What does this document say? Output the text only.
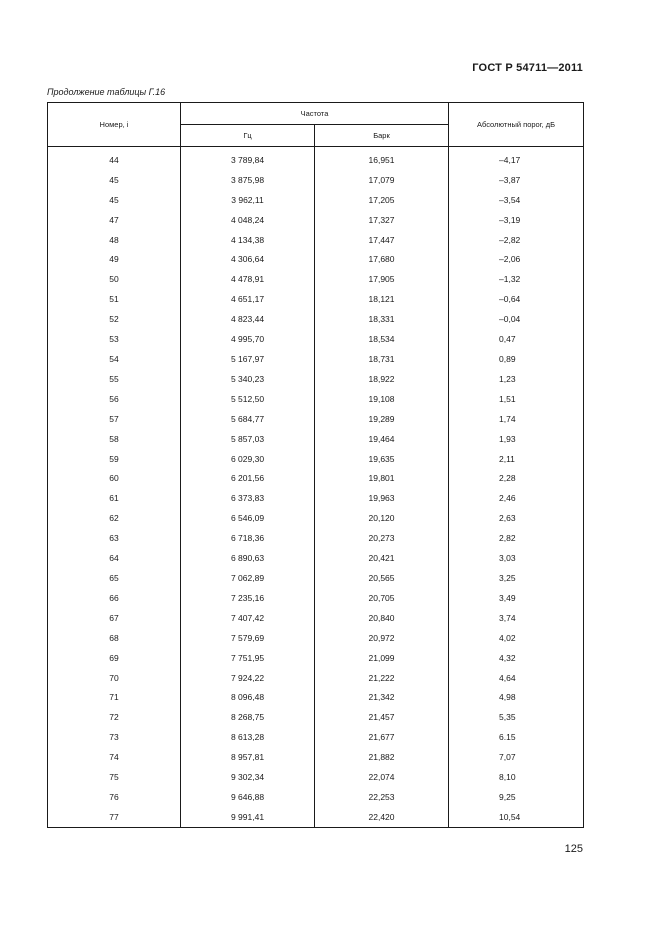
ГОСТ Р 54711—2011
Продолжение таблицы Г.16
Номер, i	Частота		Абсолютный порог, дБ
	Гц	Барк	
44	3 789,84	16,951	–4,17
45	3 875,98	17,079	–3,87
45	3 962,11	17,205	–3,54
47	4 048,24	17,327	–3,19
48	4 134,38	17,447	–2,82
49	4 306,64	17,680	–2,06
50	4 478,91	17,905	–1,32
51	4 651,17	18,121	–0,64
52	4 823,44	18,331	–0,04
53	4 995,70	18,534	0,47
54	5 167,97	18,731	0,89
55	5 340,23	18,922	1,23
56	5 512,50	19,108	1,51
57	5 684,77	19,289	1,74
58	5 857,03	19,464	1,93
59	6 029,30	19,635	2,11
60	6 201,56	19,801	2,28
61	6 373,83	19,963	2,46
62	6 546,09	20,120	2,63
63	6 718,36	20,273	2,82
64	6 890,63	20,421	3,03
65	7 062,89	20,565	3,25
66	7 235,16	20,705	3,49
67	7 407,42	20,840	3,74
68	7 579,69	20,972	4,02
69	7 751,95	21,099	4,32
70	7 924,22	21,222	4,64
71	8 096,48	21,342	4,98
72	8 268,75	21,457	5,35
73	8 613,28	21,677	6.15
74	8 957,81	21,882	7,07
75	9 302,34	22,074	8,10
76	9 646,88	22,253	9,25
77	9 991,41	22,420	10,54
125
